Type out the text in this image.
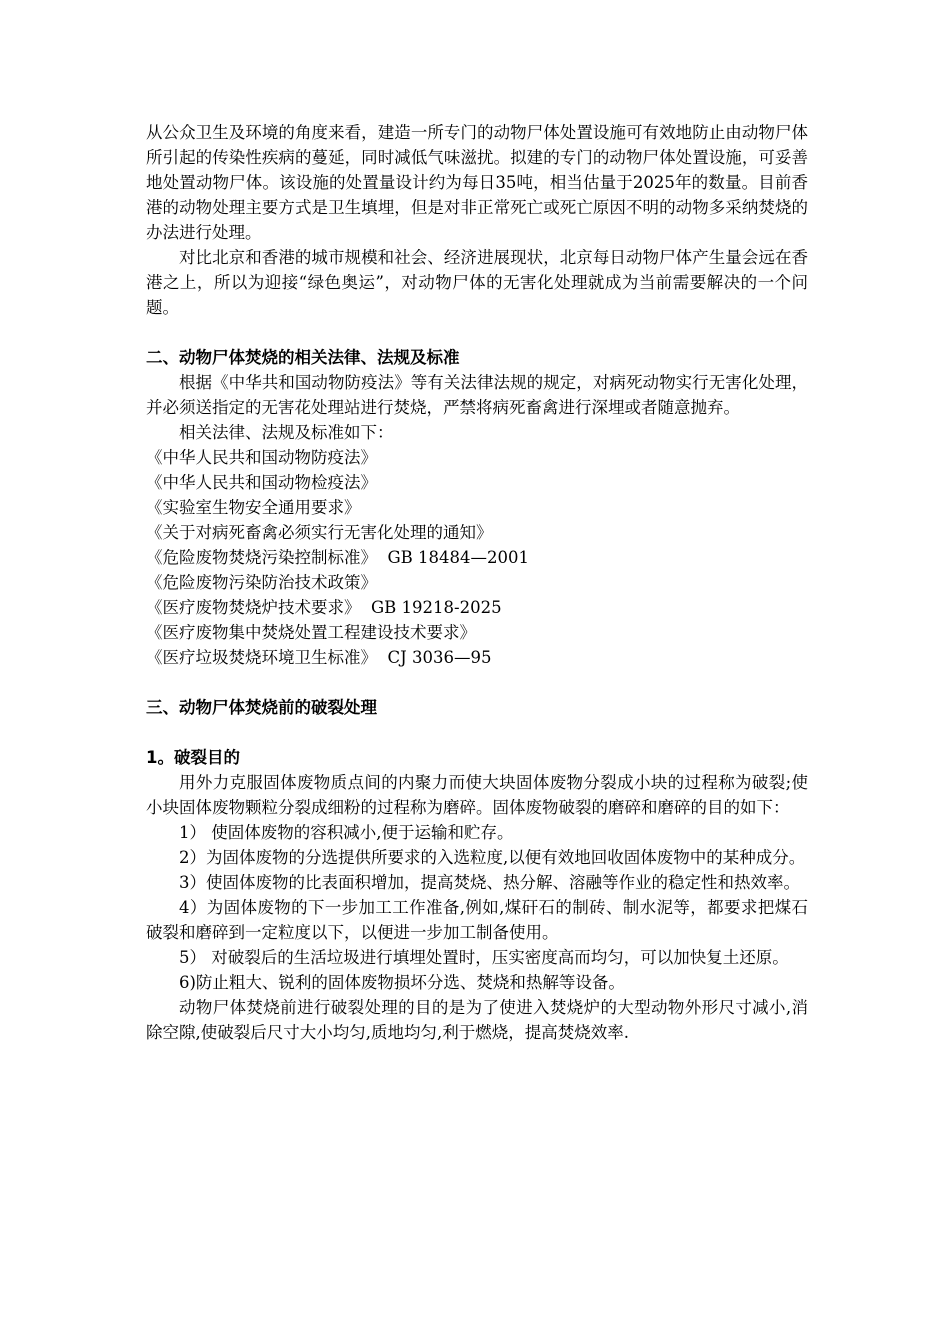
从公众卫生及环境的角度来看，建造一所专门的动物尸体处置设施可有效地防止由动物尸体所引起的传染性疾病的蔓延，同时减低气味滋扰。拟建的专门的动物尸体处置设施，可妥善地处置动物尸体。该设施的处置量设计约为每日35吨，相当估量于2025年的数量。目前香港的动物处理主要方式是卫生填埋，但是对非正常死亡或死亡原因不明的动物多采纳焚烧的办法进行处理。

对比北京和香港的城市规模和社会、经济进展现状，北京每日动物尸体产生量会远在香港之上，所以为迎接“绿色奥运”，对动物尸体的无害化处理就成为当前需要解决的一个问题。

二、动物尸体焚烧的相关法律、法规及标准

根据《中华共和国动物防疫法》等有关法律法规的规定，对病死动物实行无害化处理，并必须送指定的无害花处理站进行焚烧，严禁将病死畜禽进行深埋或者随意抛弃。

相关法律、法规及标准如下：

《中华人民共和国动物防疫法》

《中华人民共和国动物检疫法》

《实验室生物安全通用要求》

《关于对病死畜禽必须实行无害化处理的通知》

《危险废物焚烧污染控制标准》  GB 18484—2001

《危险废物污染防治技术政策》

《医疗废物焚烧炉技术要求》  GB 19218-2025

《医疗废物集中焚烧处置工程建设技术要求》

《医疗垃圾焚烧环境卫生标准》  CJ 3036—95

三、动物尸体焚烧前的破裂处理
1。破裂目的

用外力克服固体废物质点间的内聚力而使大块固体废物分裂成小块的过程称为破裂;使小块固体废物颗粒分裂成细粉的过程称为磨碎。固体废物破裂的磨碎和磨碎的目的如下：

1） 使固体废物的容积减小,便于运输和贮存。

2）为固体废物的分选提供所要求的入选粒度,以便有效地回收固体废物中的某种成分。

3）使固体废物的比表面积增加，提高焚烧、热分解、溶融等作业的稳定性和热效率。

4）为固体废物的下一步加工工作准备,例如,煤矸石的制砖、制水泥等，都要求把煤石破裂和磨碎到一定粒度以下，以便进一步加工制备使用。

5） 对破裂后的生活垃圾进行填埋处置时，压实密度高而均匀，可以加快复土还原。

6)防止粗大、锐利的固体废物损坏分选、焚烧和热解等设备。

动物尸体焚烧前进行破裂处理的目的是为了使进入焚烧炉的大型动物外形尺寸减小,消除空隙,使破裂后尺寸大小均匀,质地均匀,利于燃烧，提高焚烧效率.
